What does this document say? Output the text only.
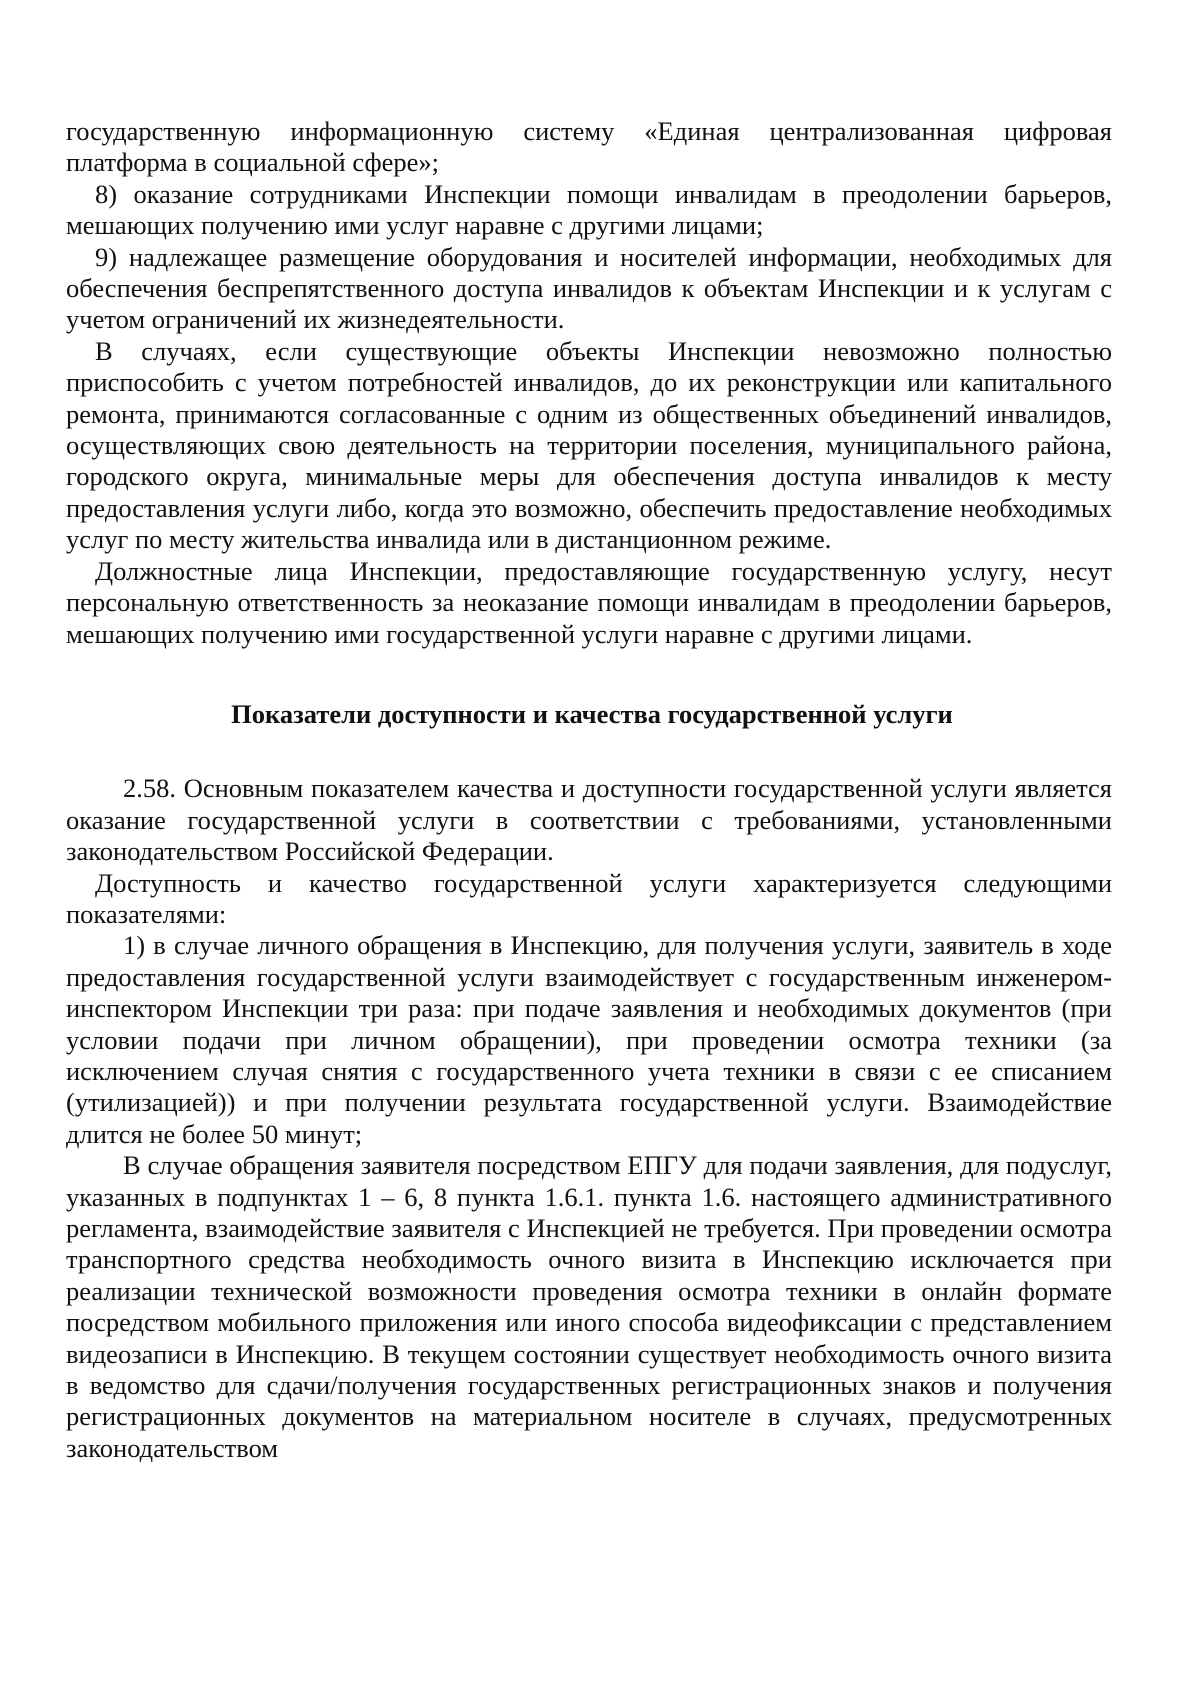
государственную информационную систему «Единая централизованная цифровая платформа в социальной сфере»;

8) оказание сотрудниками Инспекции помощи инвалидам в преодолении барьеров, мешающих получению ими услуг наравне с другими лицами;

9) надлежащее размещение оборудования и носителей информации, необходимых для обеспечения беспрепятственного доступа инвалидов к объектам Инспекции и к услугам с учетом ограничений их жизнедеятельности.

В случаях, если существующие объекты Инспекции невозможно полностью приспособить с учетом потребностей инвалидов, до их реконструкции или капитального ремонта, принимаются согласованные с одним из общественных объединений инвалидов, осуществляющих свою деятельность на территории поселения, муниципального района, городского округа, минимальные меры для обеспечения доступа инвалидов к месту предоставления услуги либо, когда это возможно, обеспечить предоставление необходимых услуг по месту жительства инвалида или в дистанционном режиме.

Должностные лица Инспекции, предоставляющие государственную услугу, несут персональную ответственность за неоказание помощи инвалидам в преодолении барьеров, мешающих получению ими государственной услуги наравне с другими лицами.

Показатели доступности и качества государственной услуги

2.58. Основным показателем качества и доступности государственной услуги является оказание государственной услуги в соответствии с требованиями, установленными законодательством Российской Федерации.

Доступность и качество государственной услуги характеризуется следующими показателями:

1) в случае личного обращения в Инспекцию, для получения услуги, заявитель в ходе предоставления государственной услуги взаимодействует с государственным инженером-инспектором Инспекции три раза: при подаче заявления и необходимых документов (при условии подачи при личном обращении), при проведении осмотра техники (за исключением случая снятия с государственного учета техники в связи с ее списанием (утилизацией)) и при получении результата государственной услуги. Взаимодействие длится не более 50 минут;

В случае обращения заявителя посредством ЕПГУ для подачи заявления, для подуслуг, указанных в подпунктах 1 – 6, 8 пункта 1.6.1. пункта 1.6. настоящего административного регламента, взаимодействие заявителя с Инспекцией не требуется. При проведении осмотра транспортного средства необходимость очного визита в Инспекцию исключается при реализации технической возможности проведения осмотра техники в онлайн формате посредством мобильного приложения или иного способа видеофиксации с представлением видеозаписи в Инспекцию. В текущем состоянии существует необходимость очного визита в ведомство для сдачи/получения государственных регистрационных знаков и получения регистрационных документов на материальном носителе в случаях, предусмотренных законодательством
